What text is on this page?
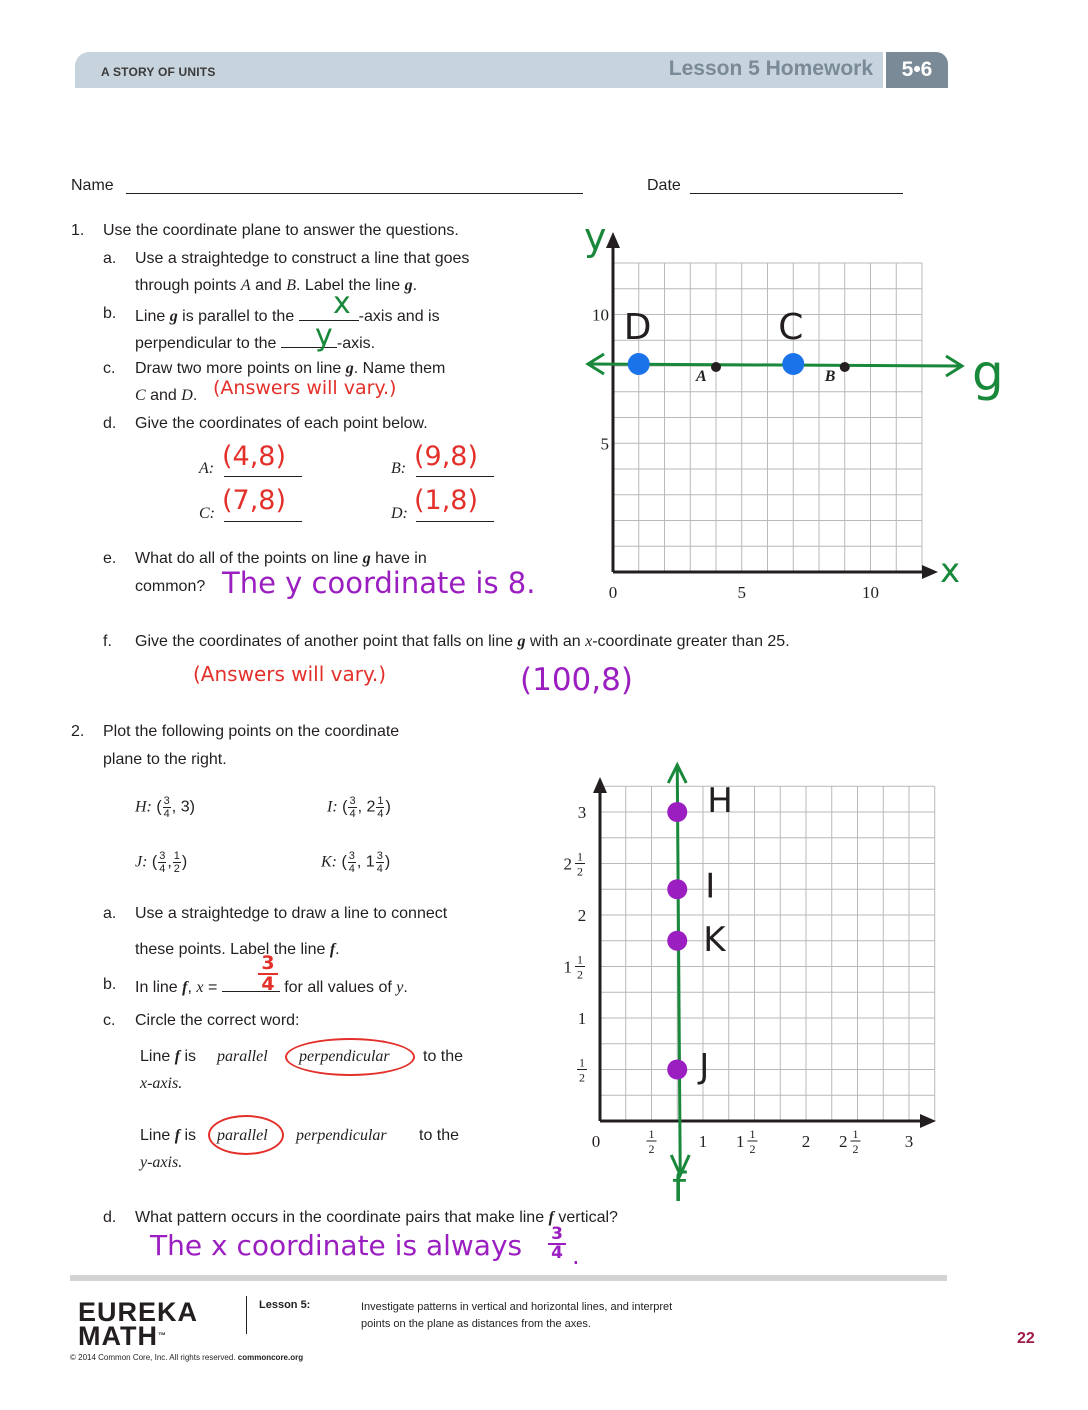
A STORY OF UNITS	Lesson 5 Homework	5•6
Name	Date
1. Use the coordinate plane to answer the questions.
a. Use a straightedge to construct a line that goes
through points A and B. Label the line g.
b. Line g is parallel to the	-axis and is
x
perpendicular to the	-axis.
y
c. Draw two more points on line g. Name them
C and D. (Answers will vary.)
d. Give the coordinates of each point below.
A: (4,8)	B: (9,8)
C: (7,8)	D: (1,8)
e. What do all of the points on line g have in
common? The y coordinate is 8.
f. Give the coordinates of another point that falls on line g with an x-coordinate greater than 25.
(Answers will vary.)	(100,8)
y
x
g
0	5	10
5
10
A	B
C
D
2. Plot the following points on the coordinate
plane to the right.
H: ( $\frac{3}{4}$ , 3)	I: ( $\frac{3}{4}$ , $2 \frac{1}{4}$ )
J: ( $\frac{3}{4}$ , $\frac{1}{2}$ )	K: ( $\frac{3}{4}$ , $1 \frac{3}{4}$ )
a. Use a straightedge to draw a line to connect
these points. Label the line f.
b. In line f, x =	for all values of y.
3
4
c. Circle the correct word:
Line f is parallel perpendicular to the
x-axis.
Line f is parallel perpendicular to the
y-axis.
d. What pattern occurs in the coordinate pairs that make line f vertical?
The x coordinate is always 3
4 .
0	1
2	1 1 1
2	2 2 1
2	3
1
2
1
1 1
2
2
2 1
2
3
f
H
I
K
J
EUREKA
MATH™
Lesson 5:	Investigate patterns in vertical and horizontal lines, and interpret
points on the plane as distances from the axes.
© 2014 Common Core, Inc. All rights reserved. commoncore.org
22
